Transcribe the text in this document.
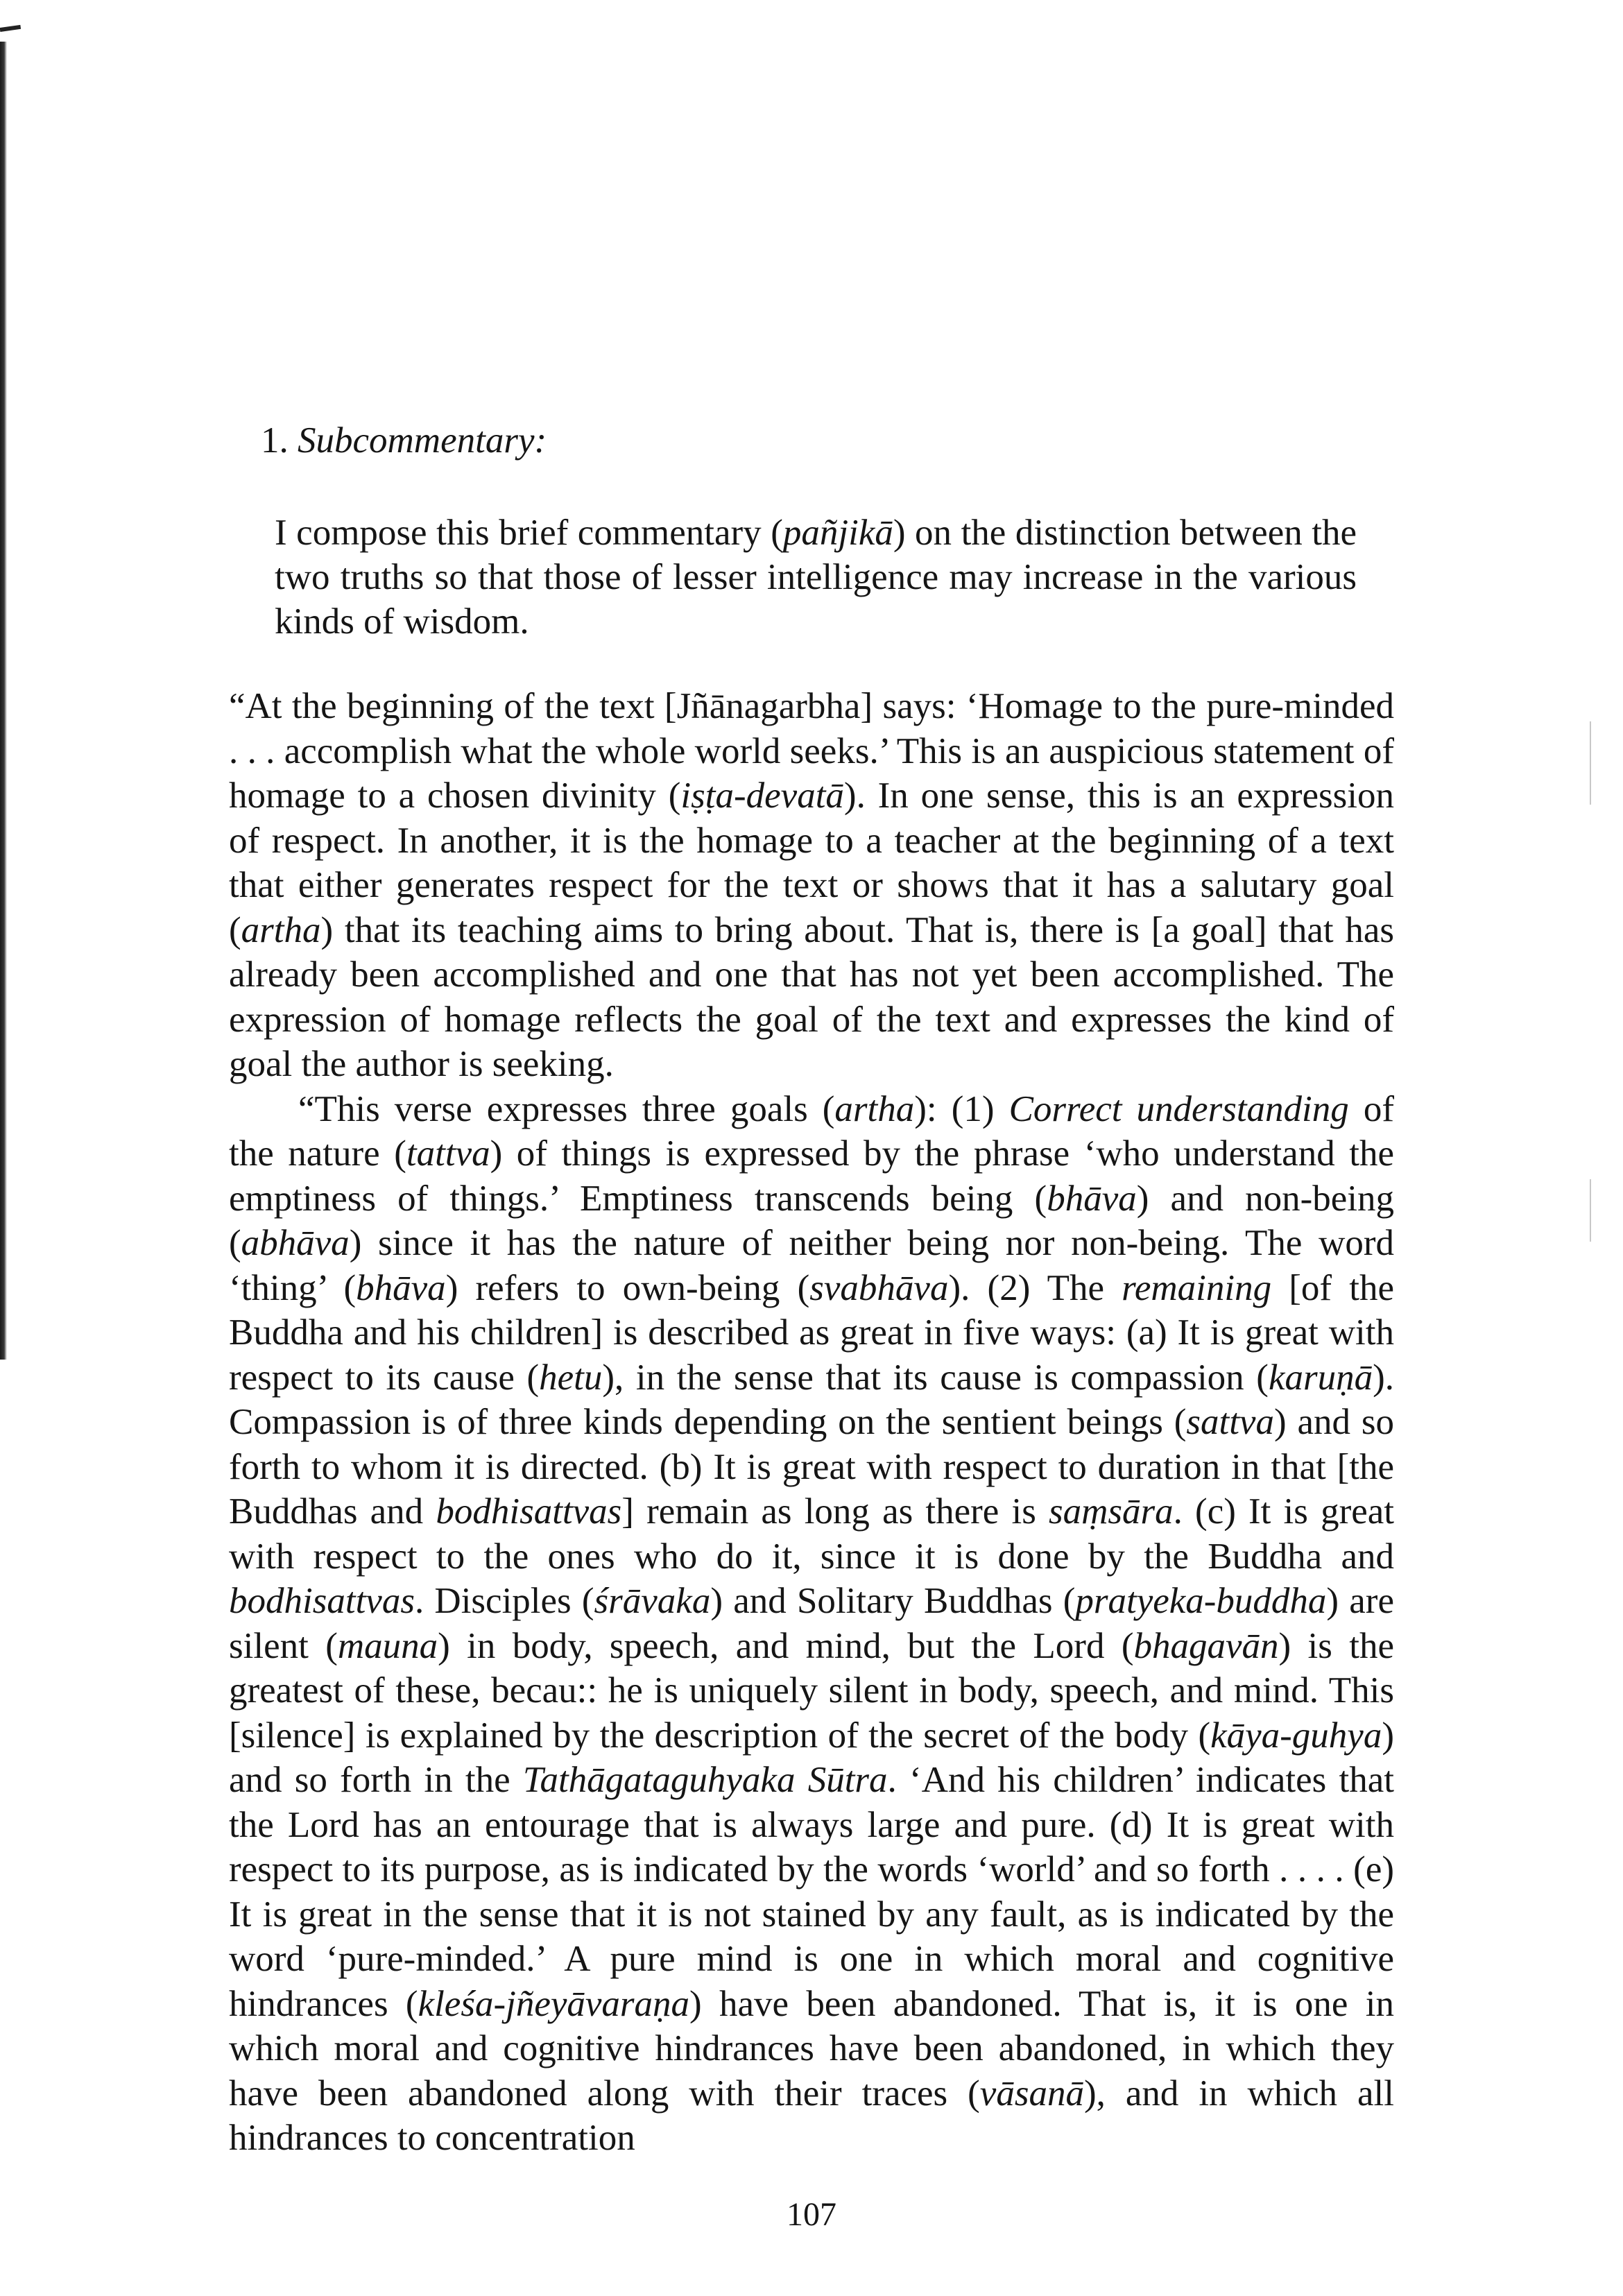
1. Subcommentary:
I compose this brief commentary (pañjikā) on the distinction between the two truths so that those of lesser intelligence may increase in the various kinds of wisdom.

“At the beginning of the text [Jñānagarbha] says: ‘Homage to the pure-minded . . . accomplish what the whole world seeks.’ This is an auspicious statement of homage to a chosen divinity (iṣṭa-devatā). In one sense, this is an expression of respect. In another, it is the homage to a teacher at the beginning of a text that either generates respect for the text or shows that it has a salutary goal (artha) that its teaching aims to bring about. That is, there is [a goal] that has already been accomplished and one that has not yet been accomplished. The expression of homage reflects the goal of the text and expresses the kind of goal the author is seeking.

“This verse expresses three goals (artha): (1) Correct understanding of the nature (tattva) of things is expressed by the phrase ‘who understand the emptiness of things.’ Emptiness transcends being (bhāva) and non-being (abhāva) since it has the nature of neither being nor non-being. The word ‘thing’ (bhāva) refers to own-being (svabhāva). (2) The remaining [of the Buddha and his children] is described as great in five ways: (a) It is great with respect to its cause (hetu), in the sense that its cause is compassion (karuṇā). Compassion is of three kinds depending on the sentient beings (sattva) and so forth to whom it is directed. (b) It is great with respect to duration in that [the Buddhas and bodhisattvas] remain as long as there is saṃsāra. (c) It is great with respect to the ones who do it, since it is done by the Buddha and bodhisattvas. Disciples (śrāvaka) and Solitary Buddhas (pratyeka-buddha) are silent (mauna) in body, speech, and mind, but the Lord (bhagavān) is the greatest of these, becau:: he is uniquely silent in body, speech, and mind. This [silence] is explained by the description of the secret of the body (kāya-guhya) and so forth in the Tathāgataguhyaka Sūtra. ‘And his children’ indicates that the Lord has an entourage that is always large and pure. (d) It is great with respect to its purpose, as is indicated by the words ‘world’ and so forth . . . . (e) It is great in the sense that it is not stained by any fault, as is indicated by the word ‘pure-minded.’ A pure mind is one in which moral and cognitive hindrances (kleśa-jñeyāvaraṇa) have been abandoned. That is, it is one in which moral and cognitive hindrances have been abandoned, in which they have been abandoned along with their traces (vāsanā), and in which all hindrances to concentration

107
